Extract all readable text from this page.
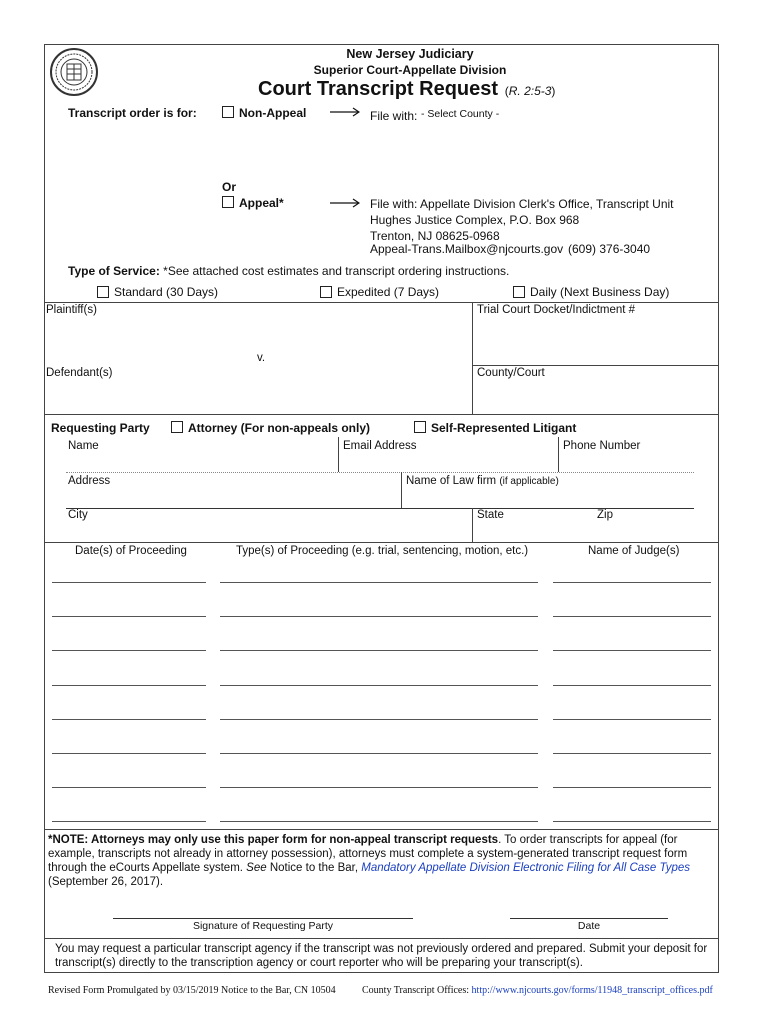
New Jersey Judiciary
Superior Court-Appellate Division
Court Transcript Request  (R. 2:5-3)
Transcript order is for:	Non-Appeal	File with: - Select County -
Or
Appeal*	File with: Appellate Division Clerk's Office, Transcript Unit
Hughes Justice Complex, P.O. Box 968
Trenton, NJ 08625-0968
Appeal-Trans.Mailbox@njcourts.gov (609) 376-3040
Type of Service: *See attached cost estimates and transcript ordering instructions.
Standard (30 Days)	Expedited (7 Days)	Daily (Next Business Day)
Plaintiff(s)
v.
Defendant(s)
Trial Court Docket/Indictment #
County/Court
Requesting Party	Attorney (For non-appeals only)	Self-Represented Litigant
Name	Email Address	Phone Number
Address	Name of Law firm (if applicable)
City	State	Zip
Date(s) of Proceeding	Type(s) of Proceeding (e.g. trial, sentencing, motion, etc.)	Name of Judge(s)
*NOTE: Attorneys may only use this paper form for non-appeal transcript requests. To order transcripts for appeal (for example, transcripts not already in attorney possession), attorneys must complete a system-generated transcript request form through the eCourts Appellate system. See Notice to the Bar, Mandatory Appellate Division Electronic Filing for All Case Types (September 26, 2017).
Signature of Requesting Party	Date
You may request a particular transcript agency if the transcript was not previously ordered and prepared. Submit your deposit for transcript(s) directly to the transcription agency or court reporter who will be preparing your transcript(s).
Revised Form Promulgated by 03/15/2019 Notice to the Bar, CN 10504	County Transcript Offices: http://www.njcourts.gov/forms/11948_transcript_offices.pdf
